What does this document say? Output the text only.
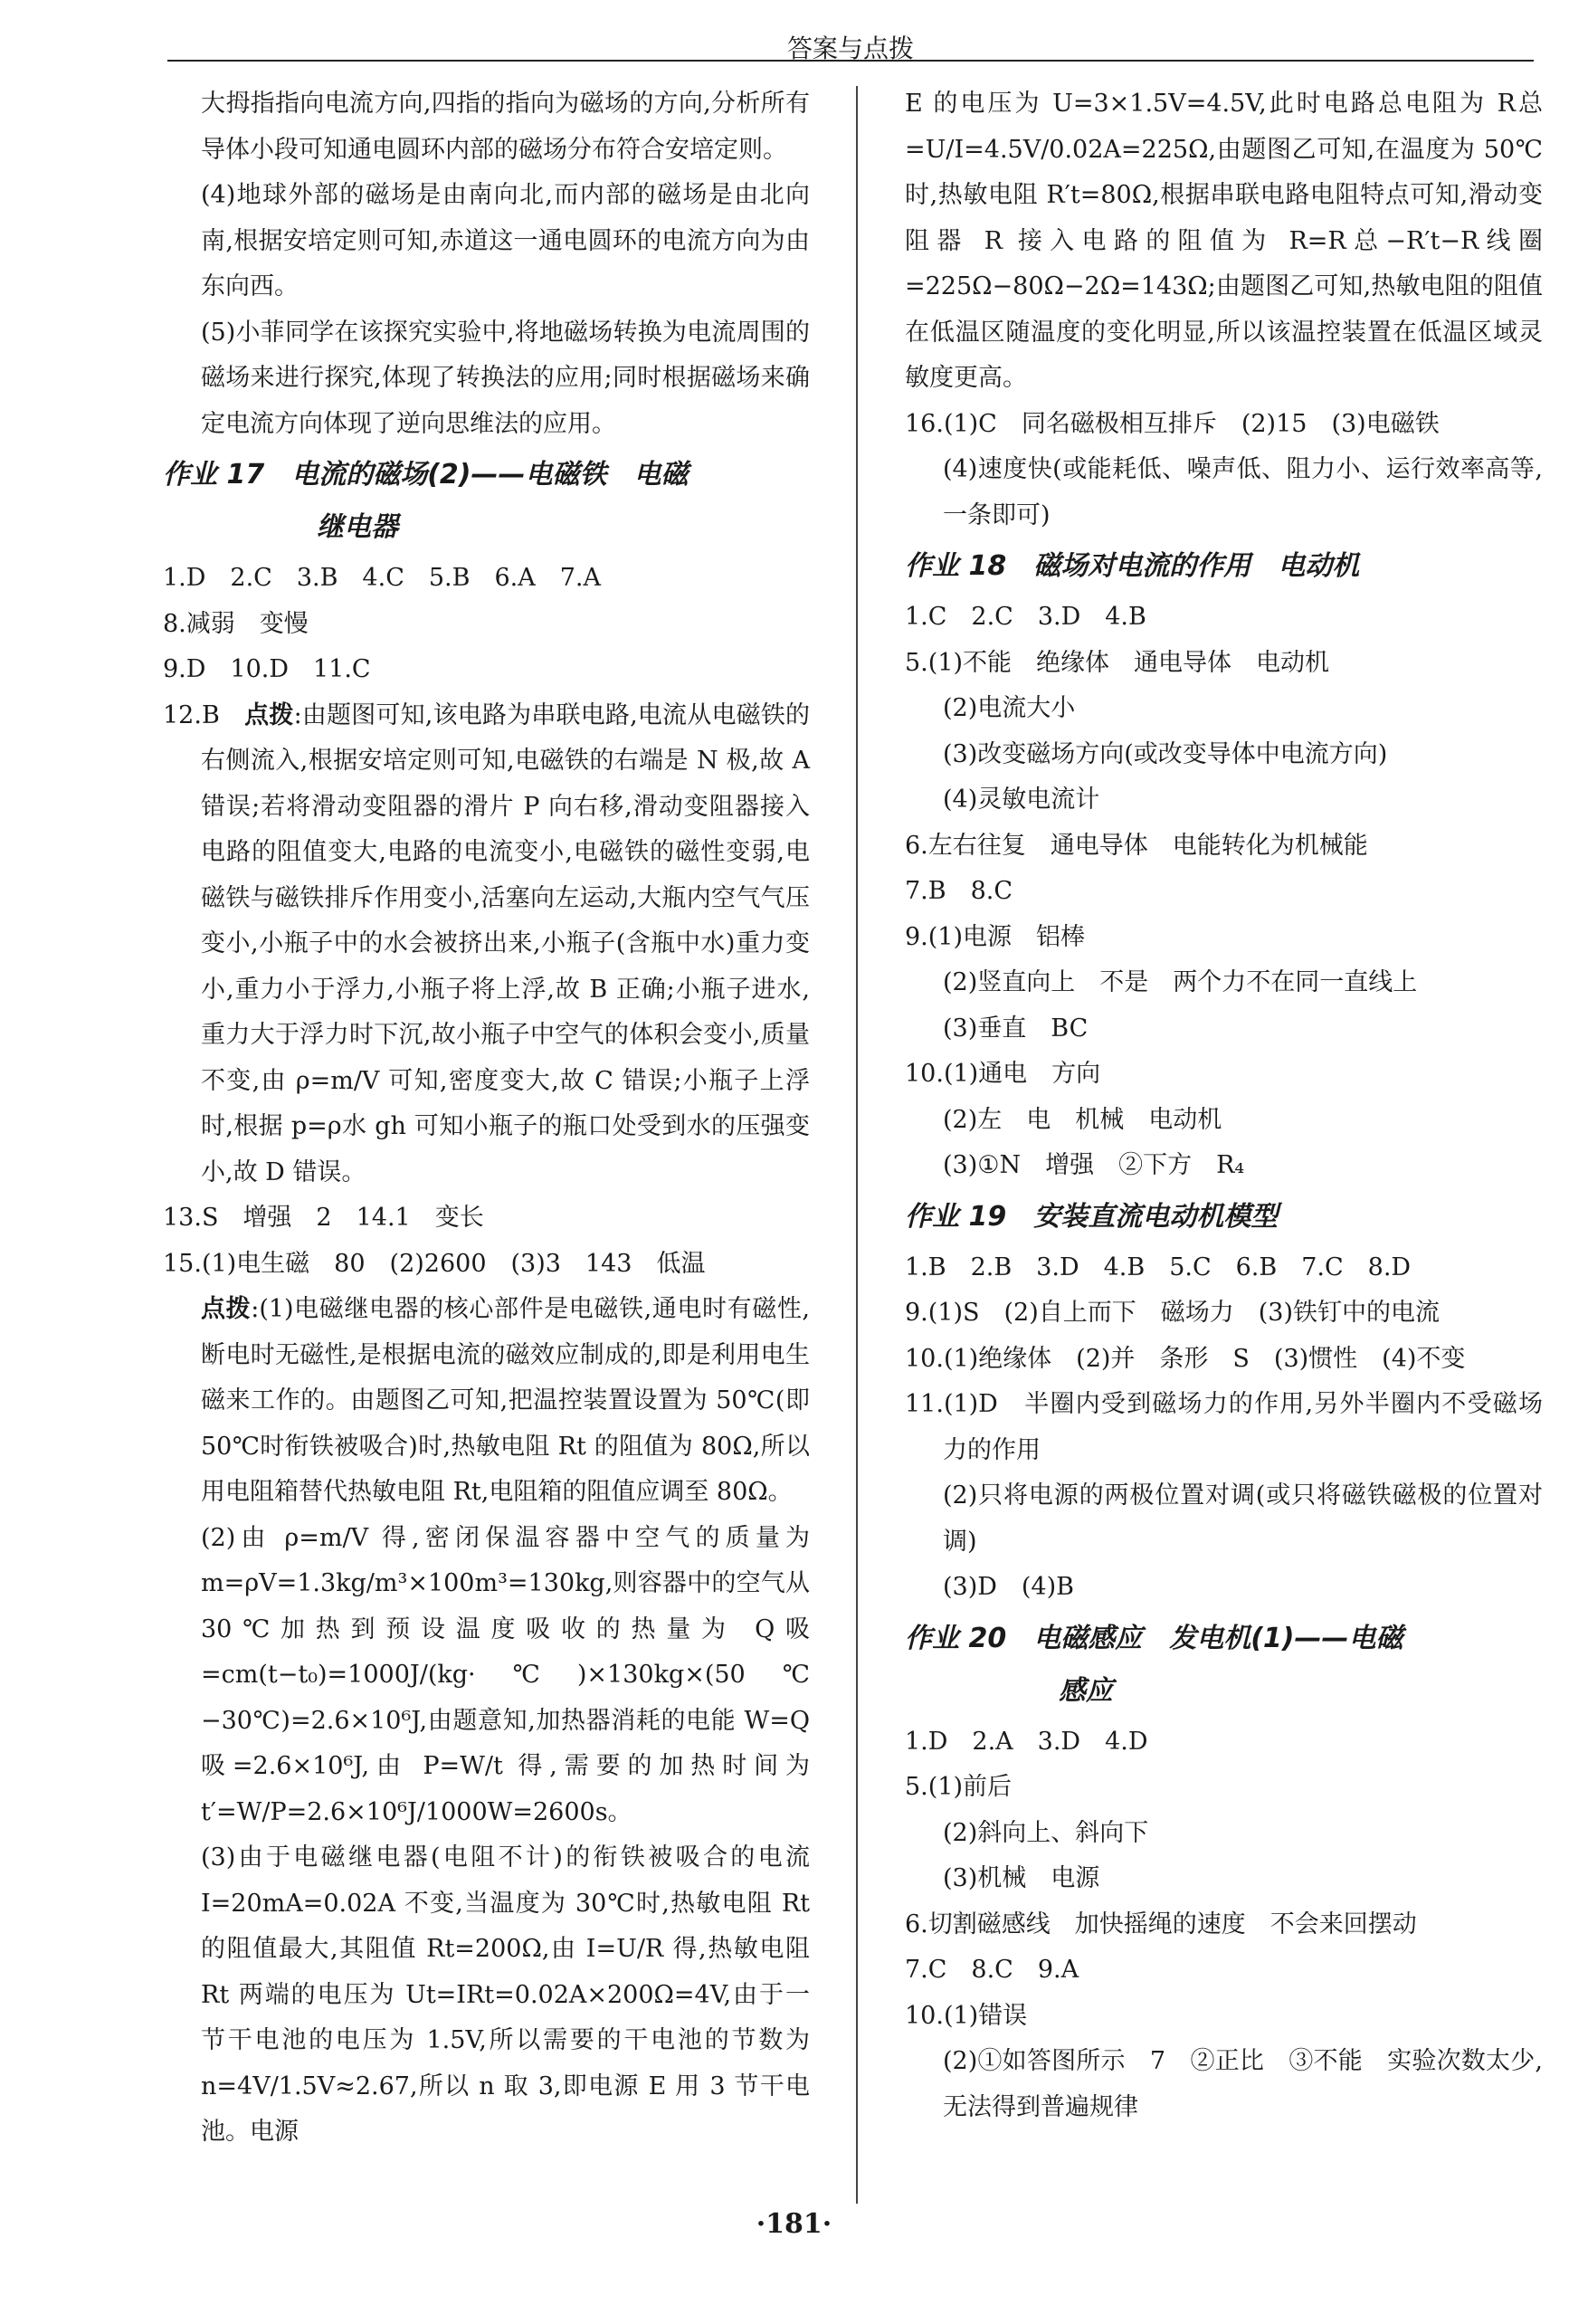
答案与点拨
大拇指指向电流方向,四指的指向为磁场的方向,分析所有导体小段可知通电圆环内部的磁场分布符合安培定则。
(4)地球外部的磁场是由南向北,而内部的磁场是由北向南,根据安培定则可知,赤道这一通电圆环的电流方向为由东向西。
(5)小菲同学在该探究实验中,将地磁场转换为电流周围的磁场来进行探究,体现了转换法的应用;同时根据磁场来确定电流方向体现了逆向思维法的应用。
作业 17　电流的磁场(2)——电磁铁　电磁
继电器
1.D　2.C　3.B　4.C　5.B　6.A　7.A
8.减弱　变慢
9.D　10.D　11.C
12.B　点拨:由题图可知,该电路为串联电路,电流从电磁铁的右侧流入,根据安培定则可知,电磁铁的右端是 N 极,故 A 错误;若将滑动变阻器的滑片 P 向右移,滑动变阻器接入电路的阻值变大,电路的电流变小,电磁铁的磁性变弱,电磁铁与磁铁排斥作用变小,活塞向左运动,大瓶内空气气压变小,小瓶子中的水会被挤出来,小瓶子(含瓶中水)重力变小,重力小于浮力,小瓶子将上浮,故 B 正确;小瓶子进水,重力大于浮力时下沉,故小瓶子中空气的体积会变小,质量不变,由 ρ=m/V 可知,密度变大,故 C 错误;小瓶子上浮时,根据 p=ρ水 gh 可知小瓶子的瓶口处受到水的压强变小,故 D 错误。
13.S　增强　2　14.1　变长
15.(1)电生磁　80　(2)2600　(3)3　143　低温
点拨:(1)电磁继电器的核心部件是电磁铁,通电时有磁性,断电时无磁性,是根据电流的磁效应制成的,即是利用电生磁来工作的。由题图乙可知,把温控装置设置为 50℃(即 50℃时衔铁被吸合)时,热敏电阻 Rt 的阻值为 80Ω,所以用电阻箱替代热敏电阻 Rt,电阻箱的阻值应调至 80Ω。
(2)由 ρ=m/V 得,密闭保温容器中空气的质量为 m=ρV=1.3kg/m³×100m³=130kg,则容器中的空气从 30℃加热到预设温度吸收的热量为 Q吸=cm(t−t₀)=1000J/(kg·℃)×130kg×(50℃−30℃)=2.6×10⁶J,由题意知,加热器消耗的电能 W=Q吸=2.6×10⁶J,由 P=W/t 得,需要的加热时间为 t′=W/P=2.6×10⁶J/1000W=2600s。
(3)由于电磁继电器(电阻不计)的衔铁被吸合的电流 I=20mA=0.02A 不变,当温度为 30℃时,热敏电阻 Rt 的阻值最大,其阻值 Rt=200Ω,由 I=U/R 得,热敏电阻 Rt 两端的电压为 Ut=IRt=0.02A×200Ω=4V,由于一节干电池的电压为 1.5V,所以需要的干电池的节数为 n=4V/1.5V≈2.67,所以 n 取 3,即电源 E 用 3 节干电池。电源
E 的电压为 U=3×1.5V=4.5V,此时电路总电阻为 R总=U/I=4.5V/0.02A=225Ω,由题图乙可知,在温度为 50℃时,热敏电阻 R′t=80Ω,根据串联电路电阻特点可知,滑动变阻器 R 接入电路的阻值为 R=R总−R′t−R线圈=225Ω−80Ω−2Ω=143Ω;由题图乙可知,热敏电阻的阻值在低温区随温度的变化明显,所以该温控装置在低温区域灵敏度更高。
16.(1)C　同名磁极相互排斥　(2)15　(3)电磁铁
(4)速度快(或能耗低、噪声低、阻力小、运行效率高等,一条即可)
作业 18　磁场对电流的作用　电动机
1.C　2.C　3.D　4.B
5.(1)不能　绝缘体　通电导体　电动机
(2)电流大小
(3)改变磁场方向(或改变导体中电流方向)
(4)灵敏电流计
6.左右往复　通电导体　电能转化为机械能
7.B　8.C
9.(1)电源　铝棒
(2)竖直向上　不是　两个力不在同一直线上
(3)垂直　BC
10.(1)通电　方向
(2)左　电　机械　电动机
(3)①N　增强　②下方　R₄
作业 19　安装直流电动机模型
1.B　2.B　3.D　4.B　5.C　6.B　7.C　8.D
9.(1)S　(2)自上而下　磁场力　(3)铁钉中的电流
10.(1)绝缘体　(2)并　条形　S　(3)惯性　(4)不变
11.(1)D　半圈内受到磁场力的作用,另外半圈内不受磁场力的作用
(2)只将电源的两极位置对调(或只将磁铁磁极的位置对调)
(3)D　(4)B
作业 20　电磁感应　发电机(1)——电磁
感应
1.D　2.A　3.D　4.D
5.(1)前后
(2)斜向上、斜向下
(3)机械　电源
6.切割磁感线　加快摇绳的速度　不会来回摆动
7.C　8.C　9.A
10.(1)错误
(2)①如答图所示　7　②正比　③不能　实验次数太少,无法得到普遍规律
·181·
